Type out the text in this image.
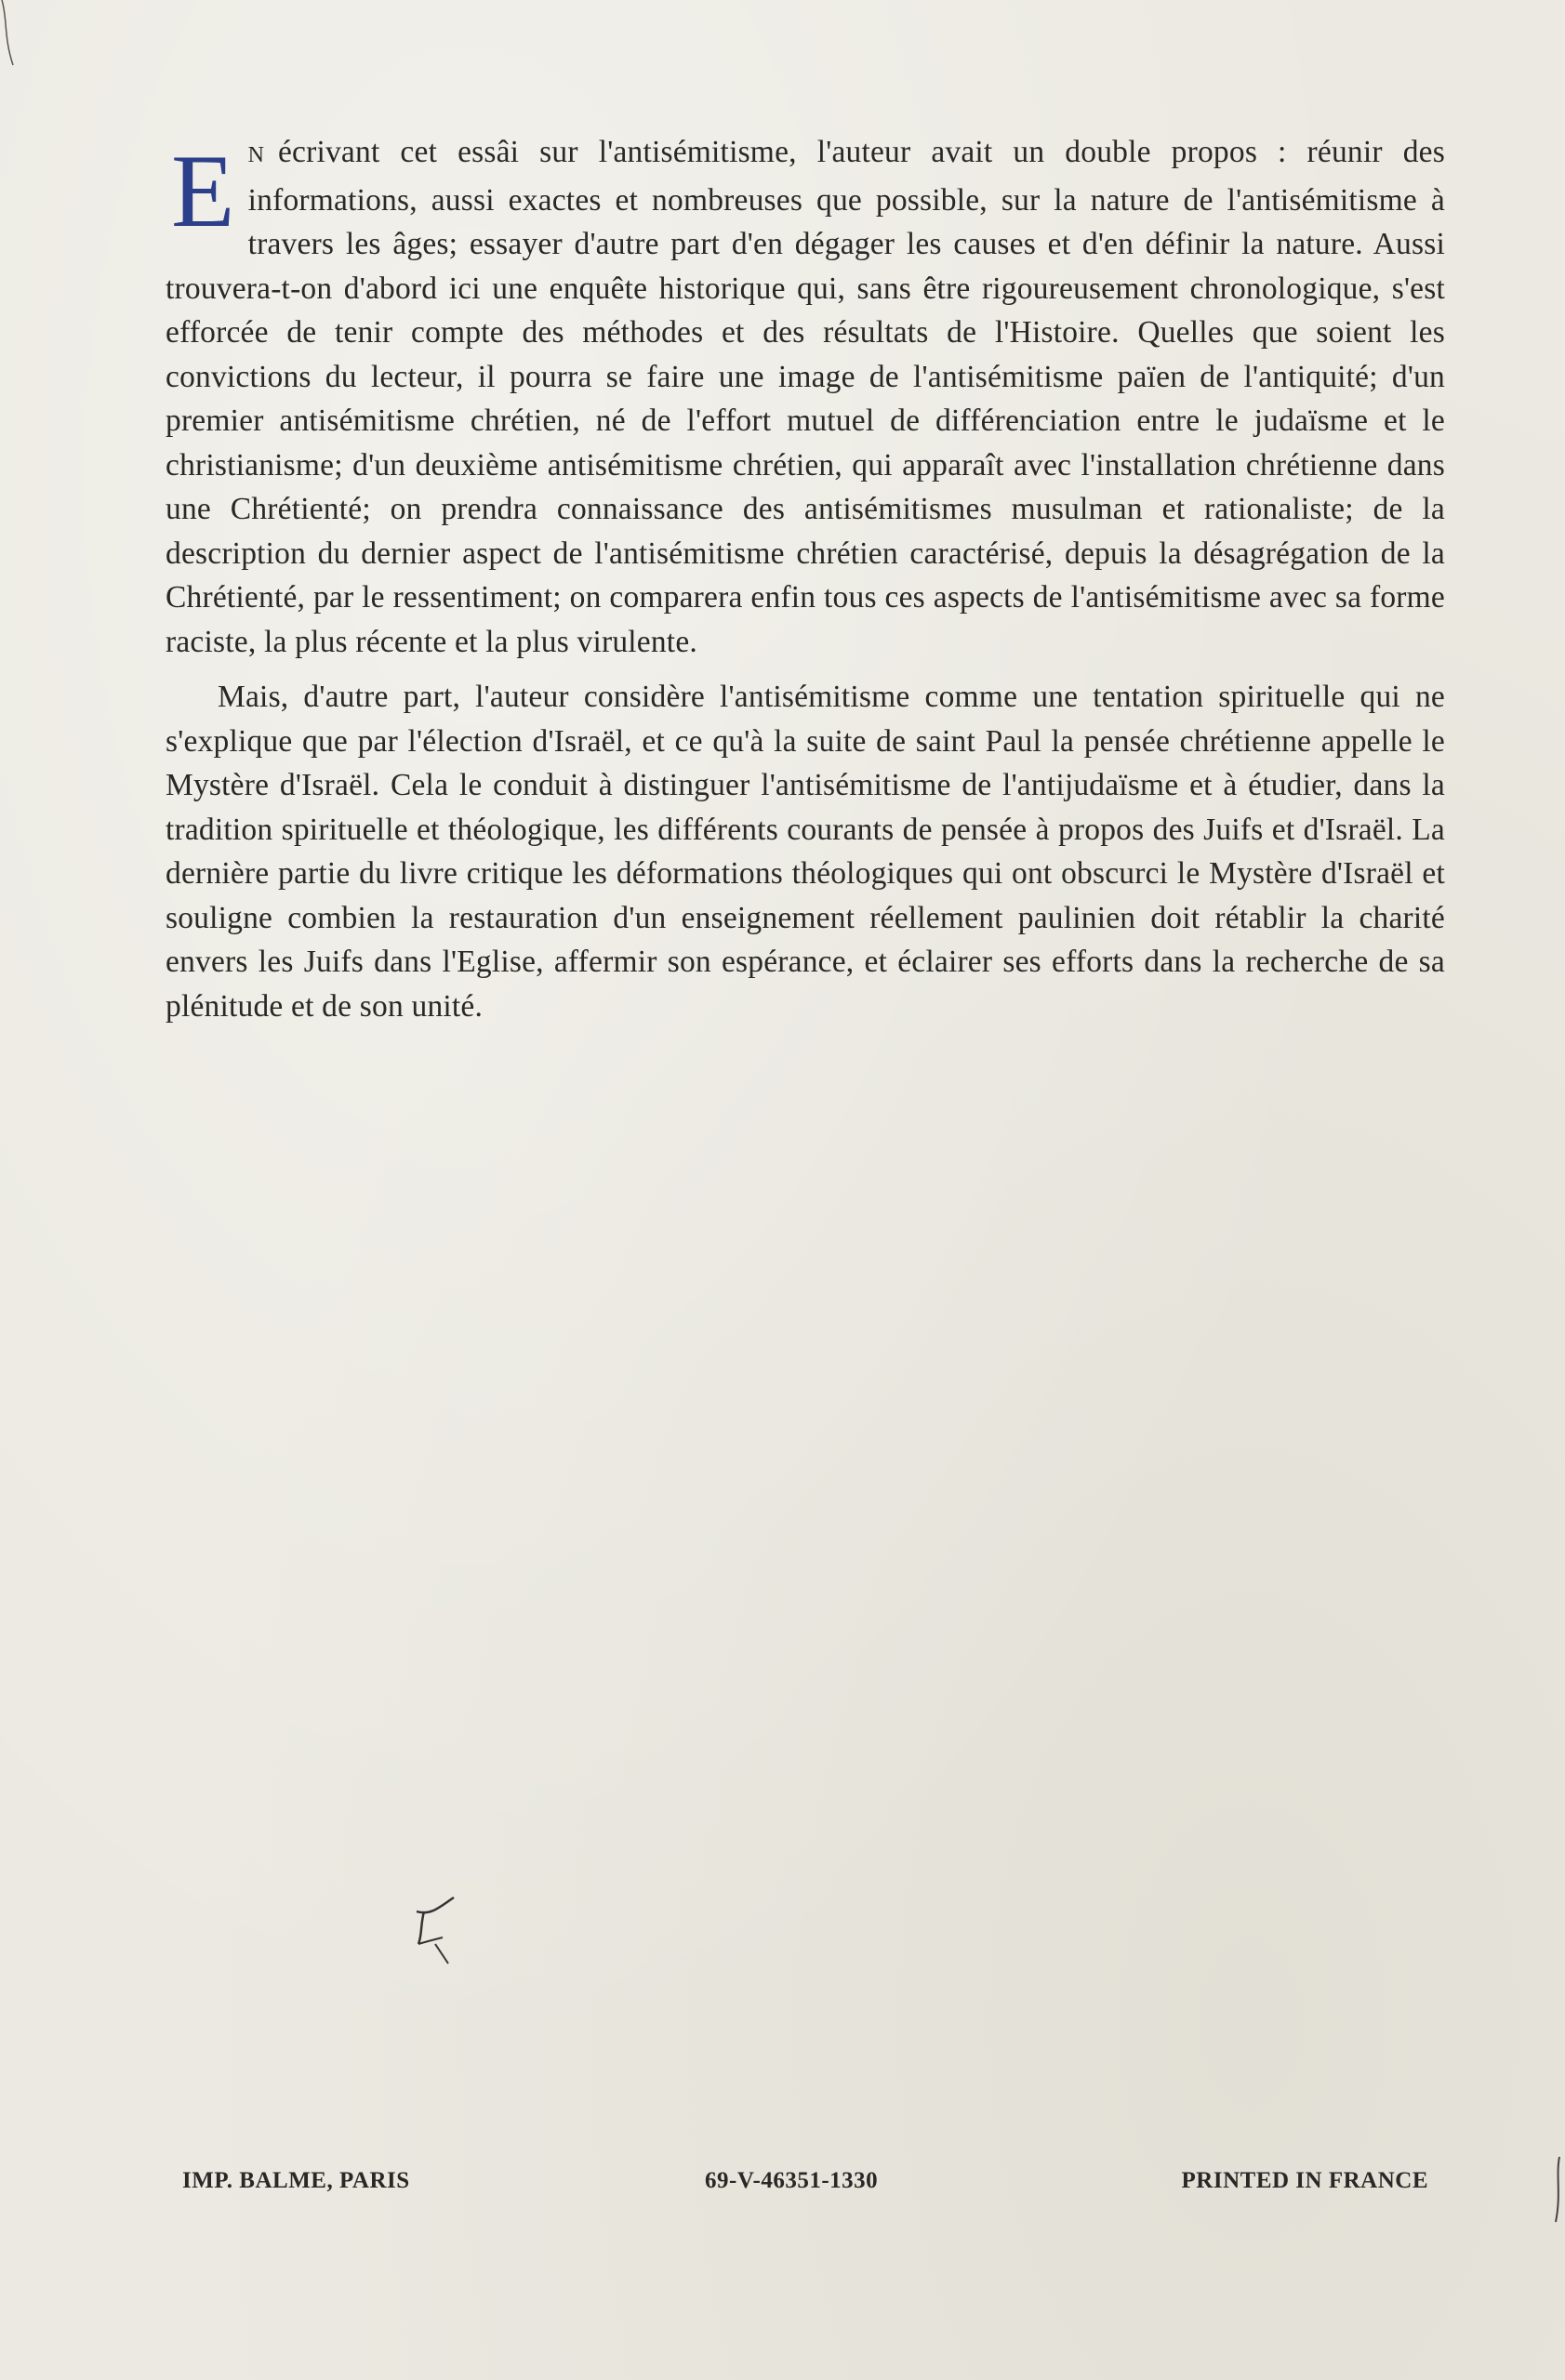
E N écrivant cet essâi sur l'antisémitisme, l'auteur avait un double propos : réunir des informations, aussi exactes et nombreuses que possible, sur la nature de l'antisémitisme à travers les âges; essayer d'autre part d'en dégager les causes et d'en définir la nature. Aussi trouvera-t-on d'abord ici une enquête historique qui, sans être rigoureusement chronologique, s'est efforcée de tenir compte des méthodes et des résultats de l'Histoire. Quelles que soient les convictions du lecteur, il pourra se faire une image de l'antisémitisme païen de l'antiquité; d'un premier antisémitisme chrétien, né de l'effort mutuel de différenciation entre le judaïsme et le christianisme; d'un deuxième antisémitisme chrétien, qui apparaît avec l'installation chrétienne dans une Chrétienté; on prendra connaissance des antisémitismes musulman et rationaliste; de la description du dernier aspect de l'antisémitisme chrétien caractérisé, depuis la désagrégation de la Chrétienté, par le ressentiment; on comparera enfin tous ces aspects de l'antisémitisme avec sa forme raciste, la plus récente et la plus virulente.

Mais, d'autre part, l'auteur considère l'antisémitisme comme une tentation spirituelle qui ne s'explique que par l'élection d'Israël, et ce qu'à la suite de saint Paul la pensée chrétienne appelle le Mystère d'Israël. Cela le conduit à distinguer l'antisémitisme de l'antijudaïsme et à étudier, dans la tradition spirituelle et théologique, les différents courants de pensée à propos des Juifs et d'Israël. La dernière partie du livre critique les déformations théologiques qui ont obscurci le Mystère d'Israël et souligne combien la restauration d'un enseignement réellement paulinien doit rétablir la charité envers les Juifs dans l'Eglise, affermir son espérance, et éclairer ses efforts dans la recherche de sa plénitude et de son unité.

IMP. BALME, PARIS	69-V-46351-1330	PRINTED IN FRANCE
